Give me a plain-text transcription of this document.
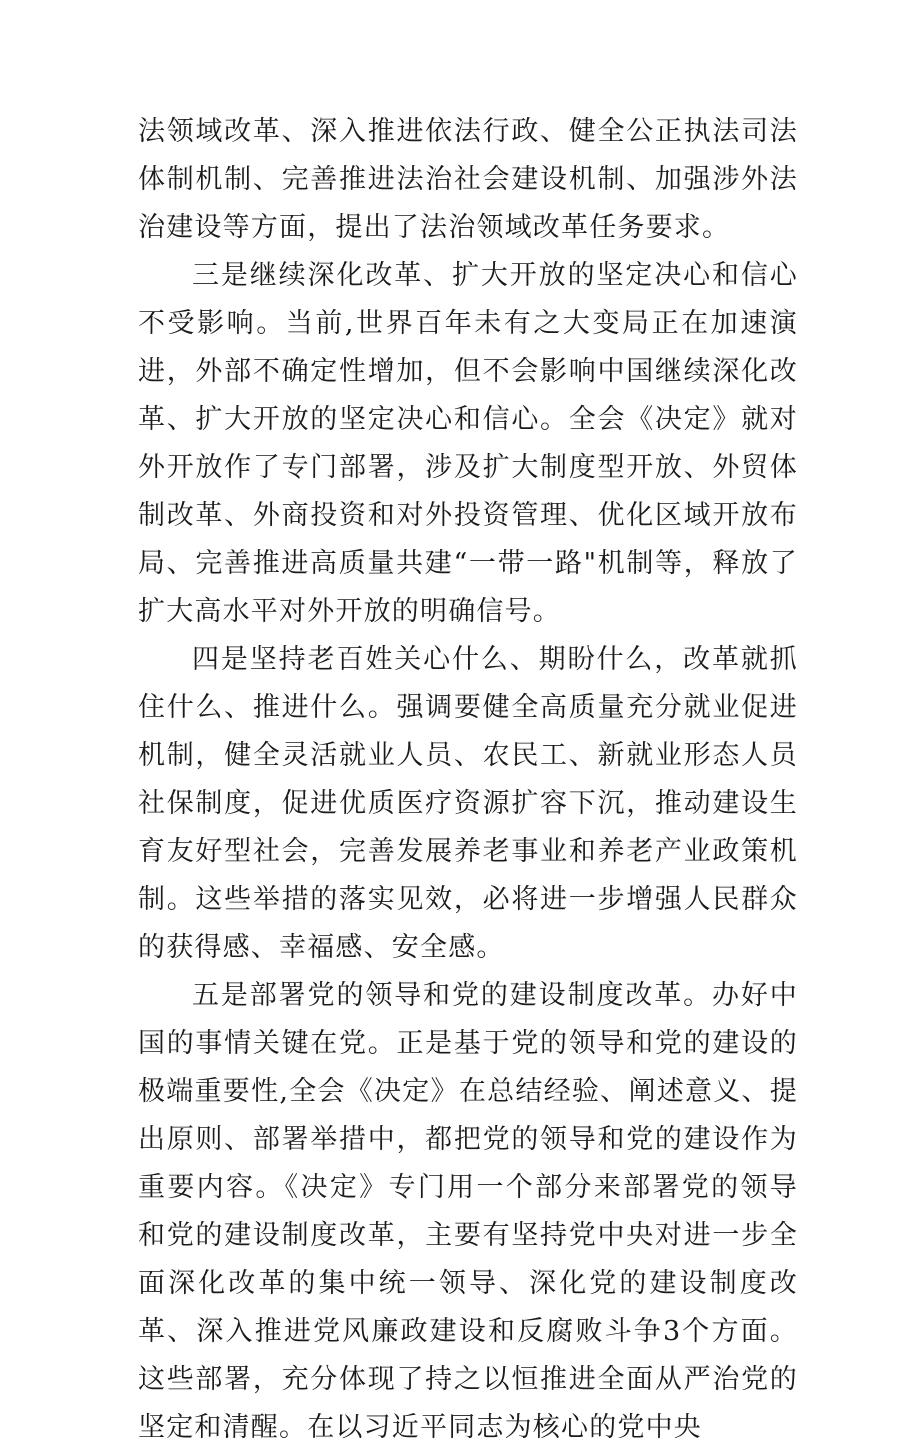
法领域改革、深入推进依法行政、健全公正执法司法体制机制、完善推进法治社会建设机制、加强涉外法治建设等方面，提出了法治领域改革任务要求。

三是继续深化改革、扩大开放的坚定决心和信心不受影响。当前,世界百年未有之大变局正在加速演进，外部不确定性增加，但不会影响中国继续深化改革、扩大开放的坚定决心和信心。全会《决定》就对外开放作了专门部署，涉及扩大制度型开放、外贸体制改革、外商投资和对外投资管理、优化区域开放布局、完善推进高质量共建“一带一路"机制等，释放了扩大高水平对外开放的明确信号。

四是坚持老百姓关心什么、期盼什么，改革就抓住什么、推进什么。强调要健全高质量充分就业促进机制，健全灵活就业人员、农民工、新就业形态人员社保制度，促进优质医疗资源扩容下沉，推动建设生育友好型社会，完善发展养老事业和养老产业政策机制。这些举措的落实见效，必将进一步增强人民群众的获得感、幸福感、安全感。

五是部署党的领导和党的建设制度改革。办好中国的事情关键在党。正是基于党的领导和党的建设的极端重要性,全会《决定》在总结经验、阐述意义、提出原则、部署举措中，都把党的领导和党的建设作为重要内容。《决定》专门用一个部分来部署党的领导和党的建设制度改革，主要有坚持党中央对进一步全面深化改革的集中统一领导、深化党的建设制度改革、深入推进党风廉政建设和反腐败斗争3个方面。这些部署，充分体现了持之以恒推进全面从严治党的坚定和清醒。在以习近平同志为核心的党中央
